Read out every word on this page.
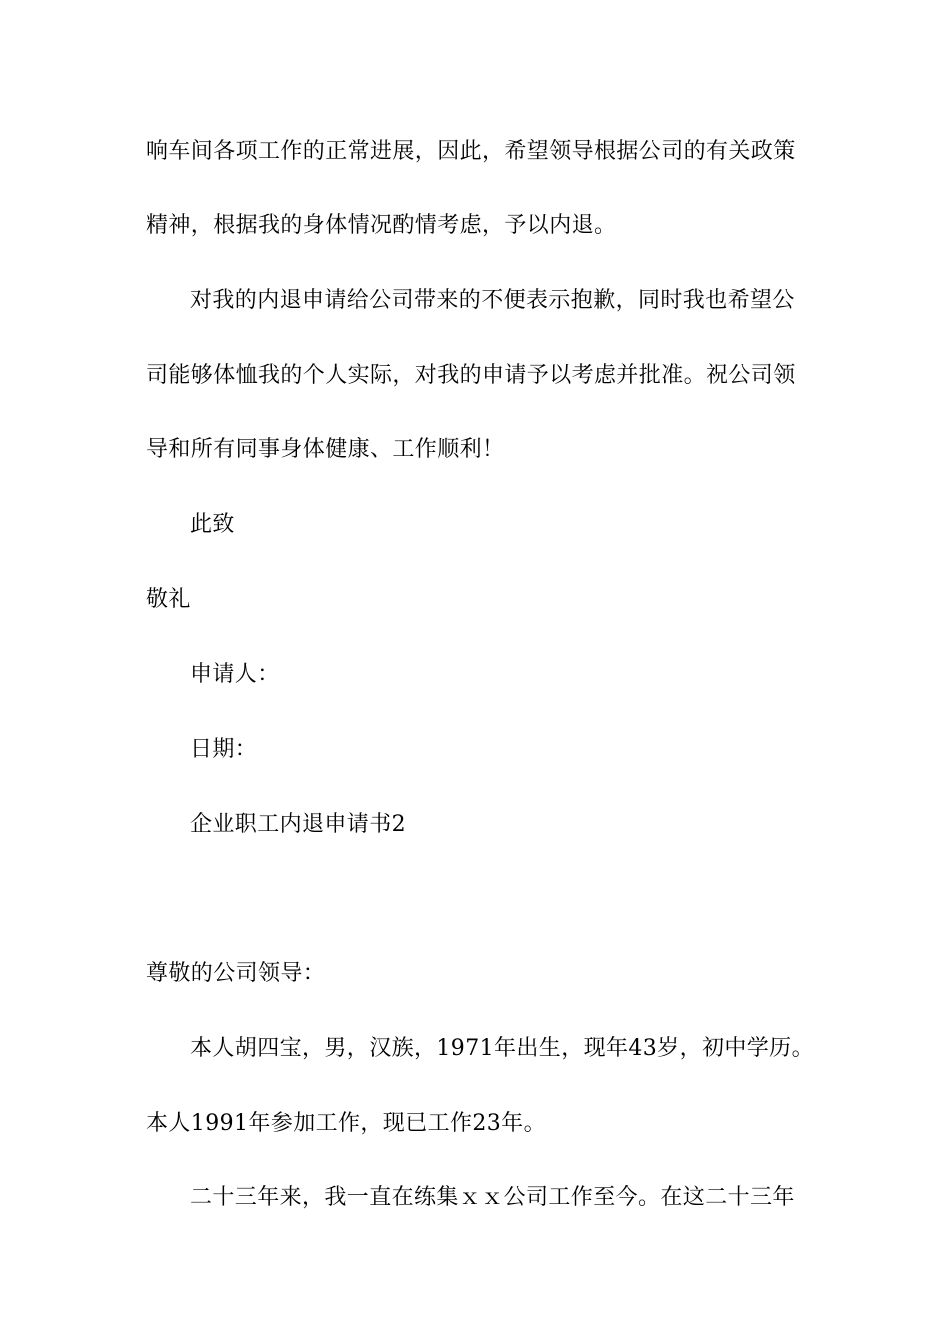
响车间各项工作的正常进展，因此，希望领导根据公司的有关政策
精神，根据我的身体情况酌情考虑，予以内退。
对我的内退申请给公司带来的不便表示抱歉，同时我也希望公
司能够体恤我的个人实际，对我的申请予以考虑并批准。祝公司领
导和所有同事身体健康、工作顺利！
此致
敬礼
申请人：
日期：
企业职工内退申请书2
尊敬的公司领导：
本人胡四宝，男，汉族，1971年出生，现年43岁，初中学历。
本人1991年参加工作，现已工作23年。
二十三年来，我一直在练集ｘｘ公司工作至今。在这二十三年
